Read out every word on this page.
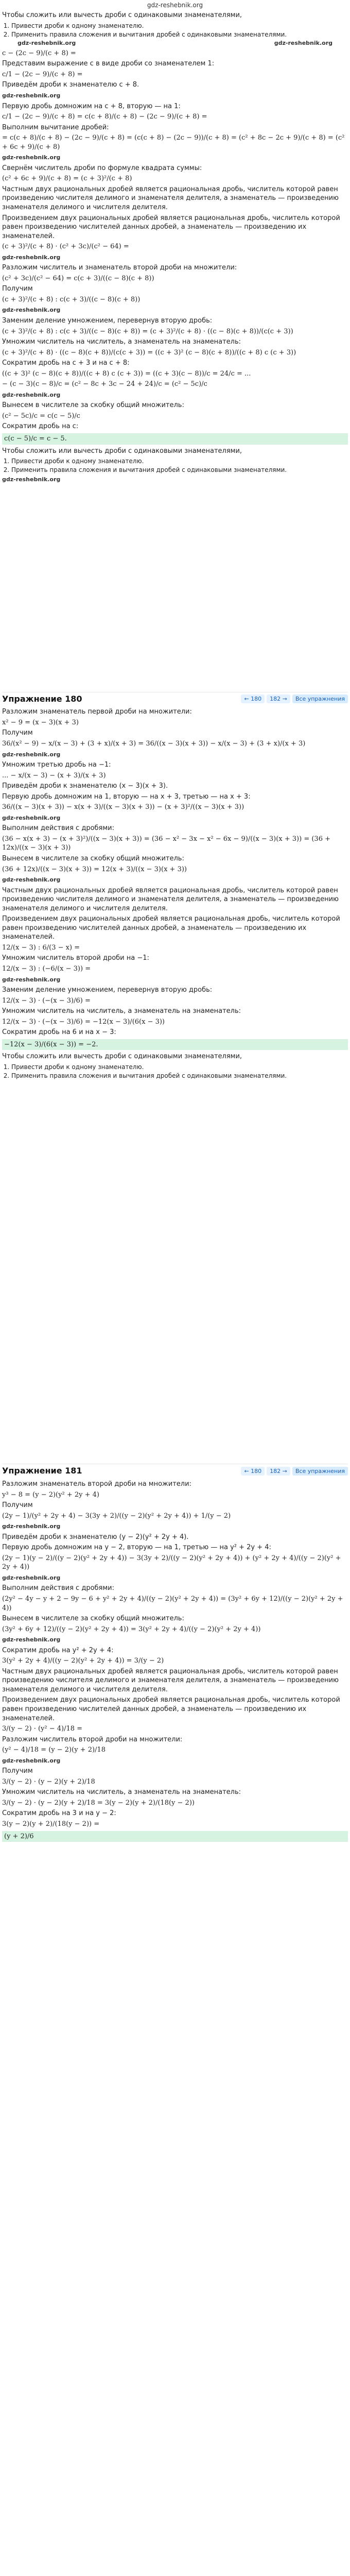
gdz-reshebnik.org

Чтобы сложить или вычесть дроби с одинаковыми знаменателями,

1. Привести дроби к одному знаменателю.
2. Применить правила сложения и вычитания дробей с одинаковыми знаменателями.
gdz-reshebnik.org	gdz-reshebnik.org

c − (2c − 9)/(c + 8) =

Представим выражение c в виде дроби со знаменателем 1:

c/1 − (2c − 9)/(c + 8) =

Приведём дроби к знаменателю c + 8.

gdz-reshebnik.org

Первую дробь домножим на c + 8, вторую — на 1:

c/1 − (2c − 9)/(c + 8) = c(c + 8)/(c + 8) − (2c − 9)/(c + 8) =

Выполним вычитание дробей:

= c(c + 8)/(c + 8) − (2c − 9)/(c + 8) = (c(c + 8) − (2c − 9))/(c + 8) = (c² + 8c − 2c + 9)/(c + 8) = (c² + 6c + 9)/(c + 8)

gdz-reshebnik.org

Свернём числитель дроби по формуле квадрата суммы:

(c² + 6c + 9)/(c + 8) = (c + 3)²/(c + 8)

Частным двух рациональных дробей является рациональная дробь, числитель которой равен произведению числителя делимого и знаменателя делителя, а знаменатель — произведению знаменателя делимого и числителя делителя.

Произведением двух рациональных дробей является рациональная дробь, числитель которой равен произведению числителей данных дробей, а знаменатель — произведению их знаменателей.

(c + 3)²/(c + 8) · (c² + 3c)/(c² − 64) =

gdz-reshebnik.org

Разложим числитель и знаменатель второй дроби на множители:

(c² + 3c)/(c² − 64) = c(c + 3)/((c − 8)(c + 8))

Получим

(c + 3)²/(c + 8) : c(c + 3)/((c − 8)(c + 8))

gdz-reshebnik.org

Заменим деление умножением, перевернув вторую дробь:

(c + 3)²/(c + 8) : c(c + 3)/((c − 8)(c + 8)) = (c + 3)²/(c + 8) · ((c − 8)(c + 8))/(c(c + 3))

Умножим числитель на числитель, а знаменатель на знаменатель:

(c + 3)²/(c + 8) · ((c − 8)(c + 8))/(c(c + 3)) = ((c + 3)² (c − 8)(c + 8))/((c + 8) c (c + 3))

Сократим дробь на c + 3 и на c + 8:

((c + 3)² (c − 8)(c + 8))/((c + 8) c (c + 3)) = ((c + 3)(c − 8))/c = 24/c = ...

− (c − 3)(c − 8)/c = (c² − 8c + 3c − 24 + 24)/c = (c² − 5c)/c

gdz-reshebnik.org

Вынесем в числителе за скобку общий множитель:

(c² − 5c)/c = c(c − 5)/c

Сократим дробь на c:

c(c − 5)/c = c − 5.

Чтобы сложить или вычесть дроби с одинаковыми знаменателями,

1. Привести дроби к одному знаменателю.
2. Применить правила сложения и вычитания дробей с одинаковыми знаменателями.
gdz-reshebnik.org
Упражнение 180	← 180	182 →	Все упражнения

Разложим знаменатель первой дроби на множители:

x² − 9 = (x − 3)(x + 3)

Получим

36/(x² − 9) − x/(x − 3) + (3 + x)/(x + 3) = 36/((x − 3)(x + 3)) − x/(x − 3) + (3 + x)/(x + 3)

gdz-reshebnik.org

Умножим третью дробь на −1:

... − x/(x − 3) − (x + 3)/(x + 3)

Приведём дроби к знаменателю (x − 3)(x + 3).

Первую дробь домножим на 1, вторую — на x + 3, третью — на x + 3:

36/((x − 3)(x + 3)) − x(x + 3)/((x − 3)(x + 3)) − (x + 3)²/((x − 3)(x + 3))

gdz-reshebnik.org

Выполним действия с дробями:

(36 − x(x + 3) − (x + 3)²)/((x − 3)(x + 3)) = (36 − x² − 3x − x² − 6x − 9)/((x − 3)(x + 3)) = (36 + 12x)/((x − 3)(x + 3))

Вынесем в числителе за скобку общий множитель:

(36 + 12x)/((x − 3)(x + 3)) = 12(x + 3)/((x − 3)(x + 3))

gdz-reshebnik.org

Частным двух рациональных дробей является рациональная дробь, числитель которой равен произведению числителя делимого и знаменателя делителя, а знаменатель — произведению знаменателя делимого и числителя делителя.

Произведением двух рациональных дробей является рациональная дробь, числитель которой равен произведению числителей данных дробей, а знаменатель — произведению их знаменателей.

12/(x − 3) : 6/(3 − x) =

Умножим числитель второй дроби на −1:

12/(x − 3) : (−6/(x − 3)) =

gdz-reshebnik.org

Заменим деление умножением, перевернув вторую дробь:

12/(x − 3) · (−(x − 3)/6) =

Умножим числитель на числитель, а знаменатель на знаменатель:

12/(x − 3) · (−(x − 3)/6) = −12(x − 3)/(6(x − 3))

Сократим дробь на 6 и на x − 3:

−12(x − 3)/(6(x − 3)) = −2.

Чтобы сложить или вычесть дроби с одинаковыми знаменателями,

1. Привести дроби к одному знаменателю.
2. Применить правила сложения и вычитания дробей с одинаковыми знаменателями.
Упражнение 181	← 180	182 →	Все упражнения

Разложим знаменатель второй дроби на множители:

y³ − 8 = (y − 2)(y² + 2y + 4)

Получим

(2y − 1)/(y² + 2y + 4) − 3(3y + 2)/((y − 2)(y² + 2y + 4)) + 1/(y − 2)

gdz-reshebnik.org

Приведём дроби к знаменателю (y − 2)(y² + 2y + 4).

Первую дробь домножим на y − 2, вторую — на 1, третью — на y² + 2y + 4:

(2y − 1)(y − 2)/((y − 2)(y² + 2y + 4)) − 3(3y + 2)/((y − 2)(y² + 2y + 4)) + (y² + 2y + 4)/((y − 2)(y² + 2y + 4))

gdz-reshebnik.org

Выполним действия с дробями:

(2y² − 4y − y + 2 − 9y − 6 + y² + 2y + 4)/((y − 2)(y² + 2y + 4)) = (3y² + 6y + 12)/((y − 2)(y² + 2y + 4))

Вынесем в числителе за скобку общий множитель:

(3y² + 6y + 12)/((y − 2)(y² + 2y + 4)) = 3(y² + 2y + 4)/((y − 2)(y² + 2y + 4))

gdz-reshebnik.org

Сократим дробь на y² + 2y + 4:

3(y² + 2y + 4)/((y − 2)(y² + 2y + 4)) = 3/(y − 2)

Частным двух рациональных дробей является рациональная дробь, числитель которой равен произведению числителя делимого и знаменателя делителя, а знаменатель — произведению знаменателя делимого и числителя делителя.

Произведением двух рациональных дробей является рациональная дробь, числитель которой равен произведению числителей данных дробей, а знаменатель — произведению их знаменателей.

3/(y − 2) · (y² − 4)/18 =

Разложим числитель второй дроби на множители:

(y² − 4)/18 = (y − 2)(y + 2)/18

gdz-reshebnik.org

Получим

3/(y − 2) · (y − 2)(y + 2)/18

Умножим числитель на числитель, а знаменатель на знаменатель:

3/(y − 2) · (y − 2)(y + 2)/18 = 3(y − 2)(y + 2)/(18(y − 2))

Сократим дробь на 3 и на y − 2:

3(y − 2)(y + 2)/(18(y − 2)) =

(y + 2)/6
